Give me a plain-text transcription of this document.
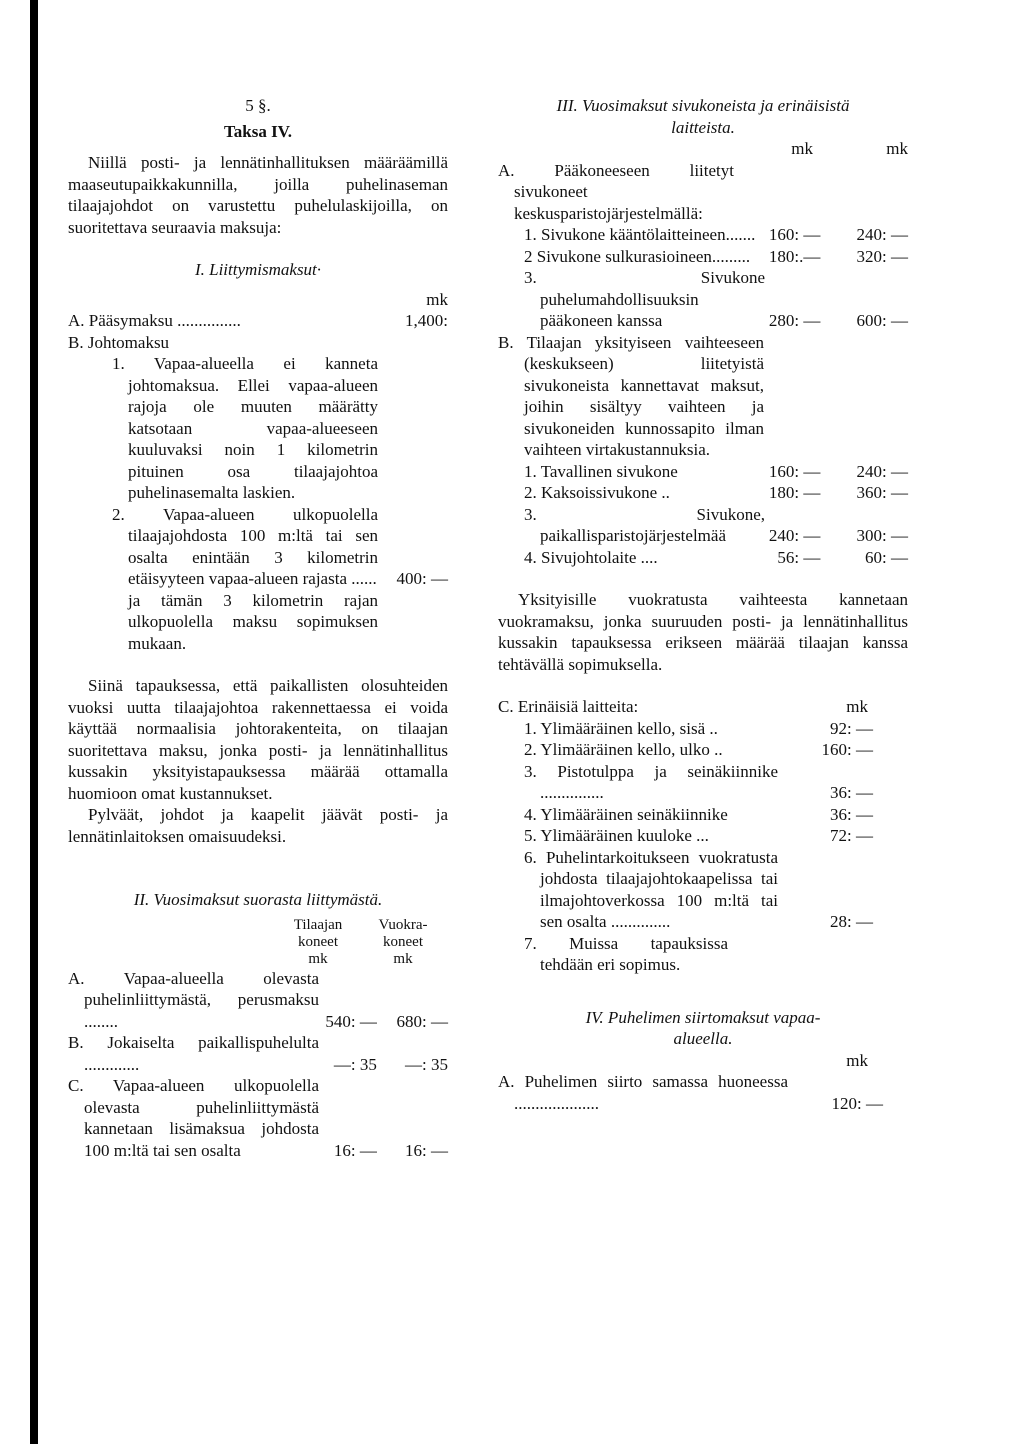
5 §.
Taksa IV.

Niillä posti- ja lennätinhallituksen määräämillä maaseutupaikkakunnilla, joilla puhelinaseman tilaajajohdot on varustettu puhelulaskijoilla, on suoritettava seuraavia maksuja:

I. Liittymismaksut·
mk
A. Pääsymaksu ...............	1,400:
B. Johtomaksu

1. Vapaa-alueella ei kanneta johtomaksua. Ellei vapaa-alueen rajoja ole muuten määrätty katsotaan vapaa-alueeseen kuuluvaksi noin 1 kilometrin pituinen osa tilaajajohtoa puhelinasemalta laskien.

2. Vapaa-alueen ulkopuolella tilaajajohdosta 100 m:ltä tai sen osalta enintään 3 kilometrin etäisyyteen vapaa-alueen rajasta ......	400: —

ja tämän 3 kilometrin rajan ulkopuolella maksu sopimuksen mukaan.

Siinä tapauksessa, että paikallisten olosuhteiden vuoksi uutta tilaajajohtoa rakennettaessa ei voida käyttää normaalisia johtorakenteita, on tilaajan suoritettava maksu, jonka posti- ja lennätinhallitus kussakin yksityistapauksessa määrää ottamalla huomioon omat kustannukset.

Pylväät, johdot ja kaapelit jäävät posti- ja lennätinlaitoksen omaisuudeksi.

II. Vuosimaksut suorasta liittymästä.
Tilaajan
koneet
mk
Vuokra-
koneet
mk
A. Vapaa-alueella olevasta puhelinliittymästä, perusmaksu ........	540: —	680: —
B. Jokaiselta paikallispuhelulta .............	—: 35	—: 35
C. Vapaa-alueen ulkopuolella olevasta puhelinliittymästä kannetaan lisämaksua johdosta 100 m:ltä tai sen osalta	16: —	16: —
III. Vuosimaksut sivukoneista ja erinäisistä laitteista.
mk	mk

A. Pääkoneeseen liitetyt sivukoneet keskusparistojärjestelmällä:

1. Sivukone kääntölaitteineen....... 160: —	240: —
2 Sivukone sulkurasioineen.........	180:.—	320: —
3. Sivukone puhelumahdollisuuksin pääkoneen kanssa	280: —	600: —

B. Tilaajan yksityiseen vaihteeseen (keskukseen) liitetyistä sivukoneista kannettavat maksut, joihin sisältyy vaihteen ja sivukoneiden kunnossapito ilman vaihteen virtakustannuksia.

1. Tavallinen sivukone	160: —	240: —
2. Kaksoissivukone ..	180: —	360: —
3. Sivukone, paikallisparistojärjestelmää	240: —	300: —
4. Sivujohtolaite ....	56: —	60: —

Yksityisille vuokratusta vaihteesta kannetaan vuokramaksu, jonka suuruuden posti- ja lennätinhallitus kussakin tapauksessa erikseen määrää tilaajan kanssa tehtävällä sopimuksella.

C. Erinäisiä laitteita:	mk
1. Ylimääräinen kello, sisä ..	92: —
2. Ylimääräinen kello, ulko ..	160: —
3. Pistotulppa ja seinäkiinnike ...............	36: —
4. Ylimääräinen seinäkiinnike	36: —
5. Ylimääräinen kuuloke ...	72: —
6. Puhelintarkoitukseen vuokratusta johdosta tilaajajohtokaapelissa tai ilmajohtoverkossa 100 m:ltä tai sen osalta ..............	28: —
7. Muissa tapauksissa tehdään eri sopimus.
IV. Puhelimen siirtomaksut vapaa-alueella.
mk
A. Puhelimen siirto samassa huoneessa ....................	120: —
